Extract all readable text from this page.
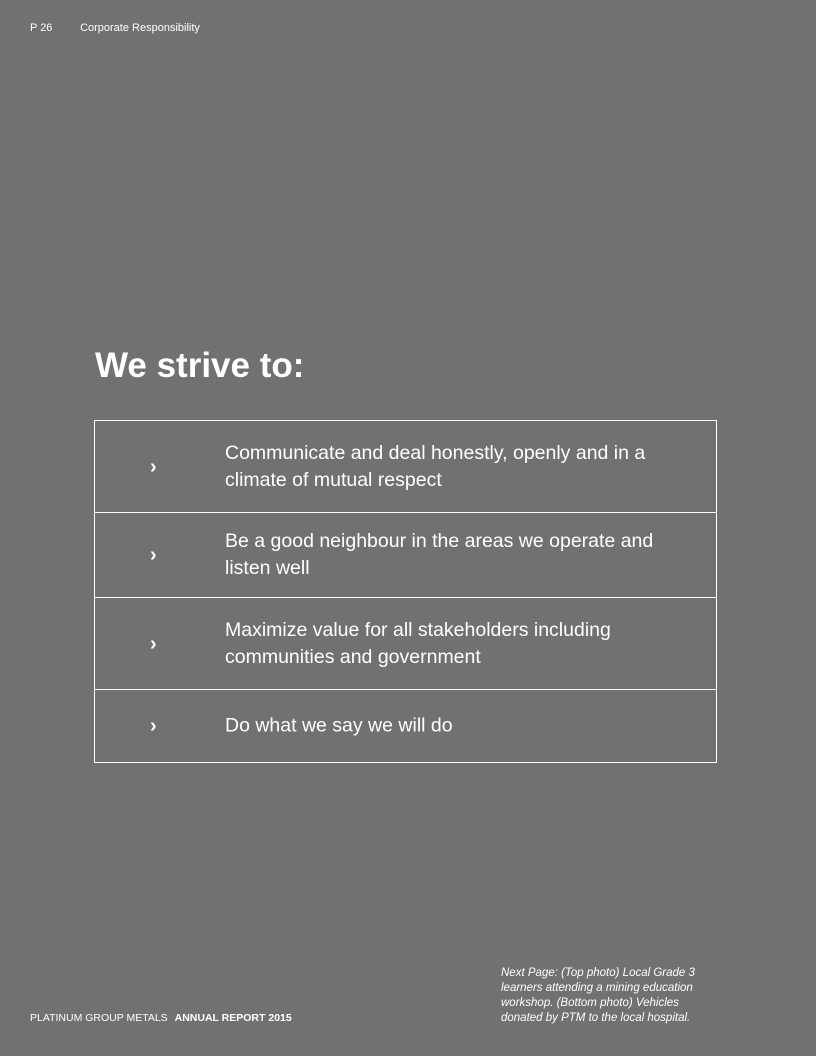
P 26	Corporate Responsibility
We strive to:
›
Communicate and deal honestly, openly and in a climate of mutual respect
›
Be a good neighbour in the areas we operate and listen well
›
Maximize value for all stakeholders including communities and government
›	Do what we say we will do
Next Page: (Top photo) Local Grade 3 learners attending a mining education workshop. (Bottom photo) Vehicles donated by PTM to the local hospital.
PLATINUM GROUP METALS ANNUAL REPORT 2015
